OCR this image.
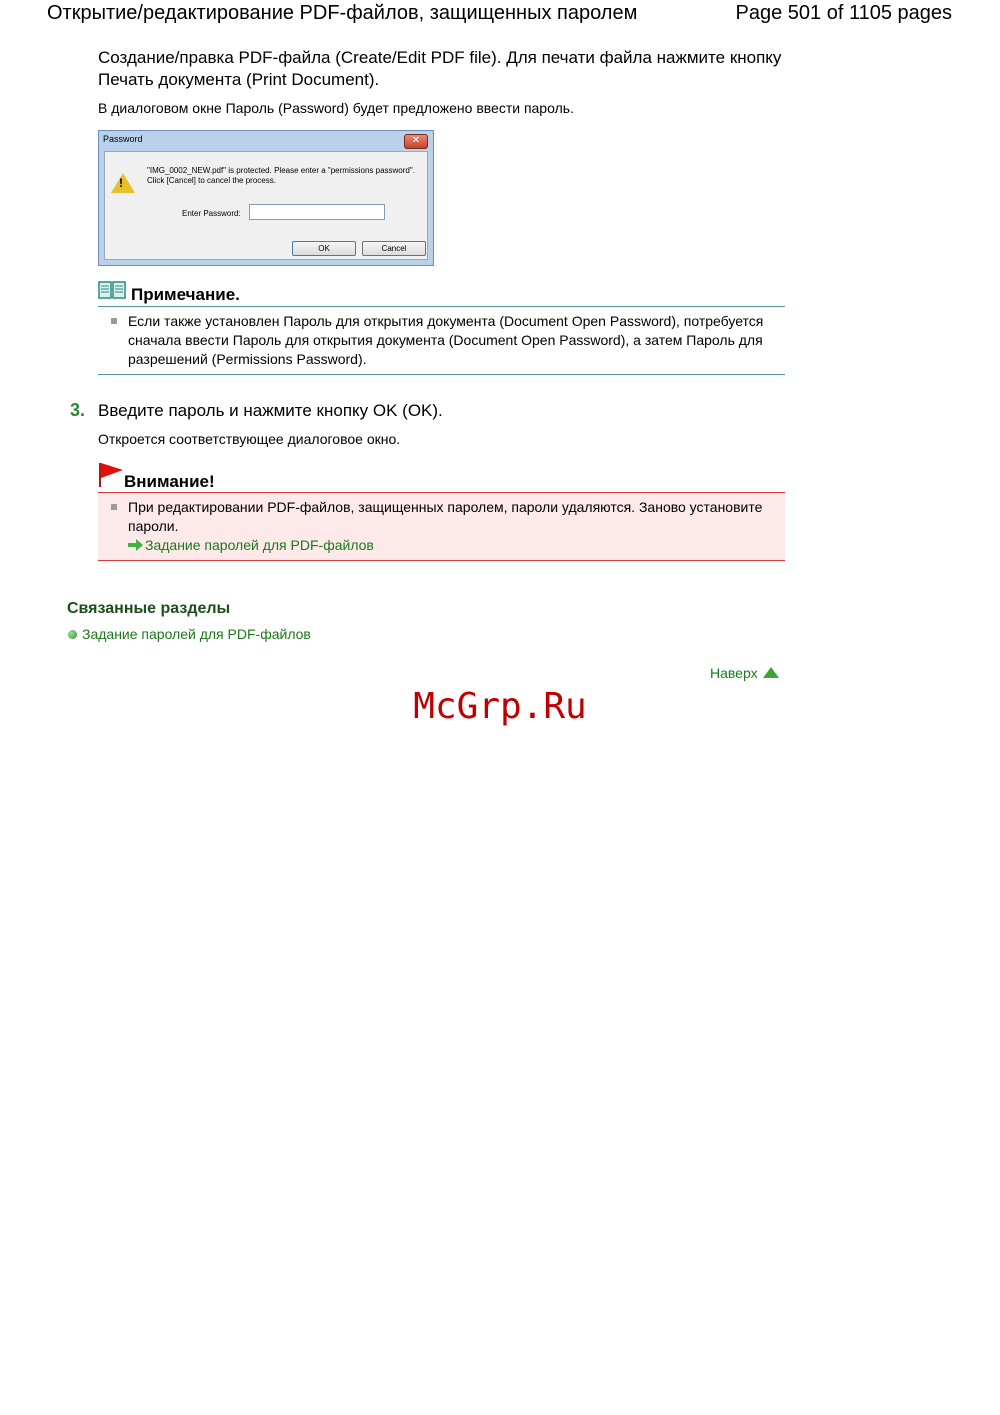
Открытие/редактирование PDF-файлов, защищенных паролем	Page 501 of 1105 pages
Создание/правка PDF-файла (Create/Edit PDF file). Для печати файла нажмите кнопку Печать документа (Print Document).
В диалоговом окне Пароль (Password) будет предложено ввести пароль.
Password	✕
!
"IMG_0002_NEW.pdf" is protected. Please enter a "permissions password". Click [Cancel] to cancel the process.
Enter Password:
OK	Cancel
Примечание.
Если также установлен Пароль для открытия документа (Document Open Password), потребуется сначала ввести Пароль для открытия документа (Document Open Password), а затем Пароль для разрешений (Permissions Password).
3. Введите пароль и нажмите кнопку OK (OK).
Откроется соответствующее диалоговое окно.
Внимание!
При редактировании PDF-файлов, защищенных паролем, пароли удаляются. Заново установите пароли.
Задание паролей для PDF-файлов
Связанные разделы
Задание паролей для PDF-файлов
Наверх
McGrp.Ru
